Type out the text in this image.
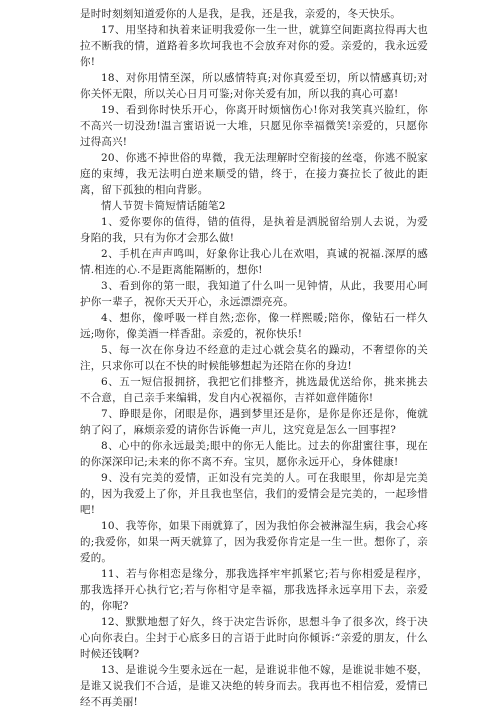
是时时刻刻知道爱你的人是我，是我，还是我，亲爱的，冬天快乐。

17、用坚持和执着来证明我爱你一生一世，就算空间距离拉得再大也拉不断我的情，道路着多坎坷我也不会放弃对你的爱。亲爱的，我永远爱你!

18、对你用情至深，所以感情特真;对你真爱至切，所以情感真切;对你关怀无限，所以关心日月可鉴;对你关爱有加，所以我的真心可嘉!

19、看到你时快乐开心，你离开时烦恼伤心!你对我笑真兴脸红，你不高兴一切没劲!温言蜜语说一大堆，只愿见你幸福微笑!亲爱的，只愿你过得高兴!

20、你逃不掉世俗的卑微，我无法理解时空衔接的丝毫，你逃不脱家庭的束缚，我无法明白逆来顺受的错，终于，在接力赛拉长了彼此的距离，留下孤独的相向背影。

情人节贺卡简短情话随笔2

1、爱你要你的值得，错的值得，是执着是洒脱留给别人去说，为爱身陷的我，只有为你才会那么做!

2、手机在声声鸣叫，好象你让我心儿在欢唱，真诚的祝福.深厚的感情.相连的心.不是距离能隔断的，想你!

3、看到你的第一眼，我知道了什么叫一见钟情，从此，我要用心呵护你一辈子，祝你天天开心，永远漂漂亮亮。

4、想你，像呼吸一样自然;恋你，像一样熙暖;陪你，像钻石一样久远;吻你，像美酒一样香甜。亲爱的，祝你快乐!

5、每一次在你身边不经意的走过心就会莫名的躁动，不奢望你的关注，只求你可以在不快的时候能够想起为还陪在你的身边!

6、五一短信报拥挤，我把它们排整齐，挑选最优送给你，挑来挑去不合意，自己亲手来编辑，发自内心祝福你，吉祥如意伴随你!

7、睁眼是你，闭眼是你，遇到梦里还是你，是你是你还是你，俺就纳了闷了，麻烦亲爱的请你告诉俺一声儿，这究竟是怎么一回事捏?

8、心中的你永远最美;眼中的你无人能比。过去的你甜蜜往事，现在的你深深印记;未来的你不离不弃。宝贝，愿你永远开心，身体健康!

9、没有完美的爱情，正如没有完美的人。可在我眼里，你却是完美的，因为我爱上了你，并且我也坚信，我们的爱情会是完美的，一起珍惜吧!

10、我等你，如果下雨就算了，因为我怕你会被淋湿生病，我会心疼的;我爱你，如果一两天就算了，因为我爱你肯定是一生一世。想你了，亲爱的。

11、若与你相恋是缘分，那我选择牢牢抓紧它;若与你相爱是程序，那我选择开心执行它;若与你相守是幸福，那我选择永远享用下去，亲爱的，你呢?

12、默默地想了好久，终于决定告诉你，思想斗争了很多次，终于决心向你表白。尘封于心底多日的言语于此时向你倾诉:“亲爱的朋友，什么时候还钱啊?

13、是谁说今生要永远在一起，是谁说非他不嫁，是谁说非她不娶，是谁又说我们不合适，是谁又决绝的转身而去。我再也不相信爱，爱情已经不再美丽!
